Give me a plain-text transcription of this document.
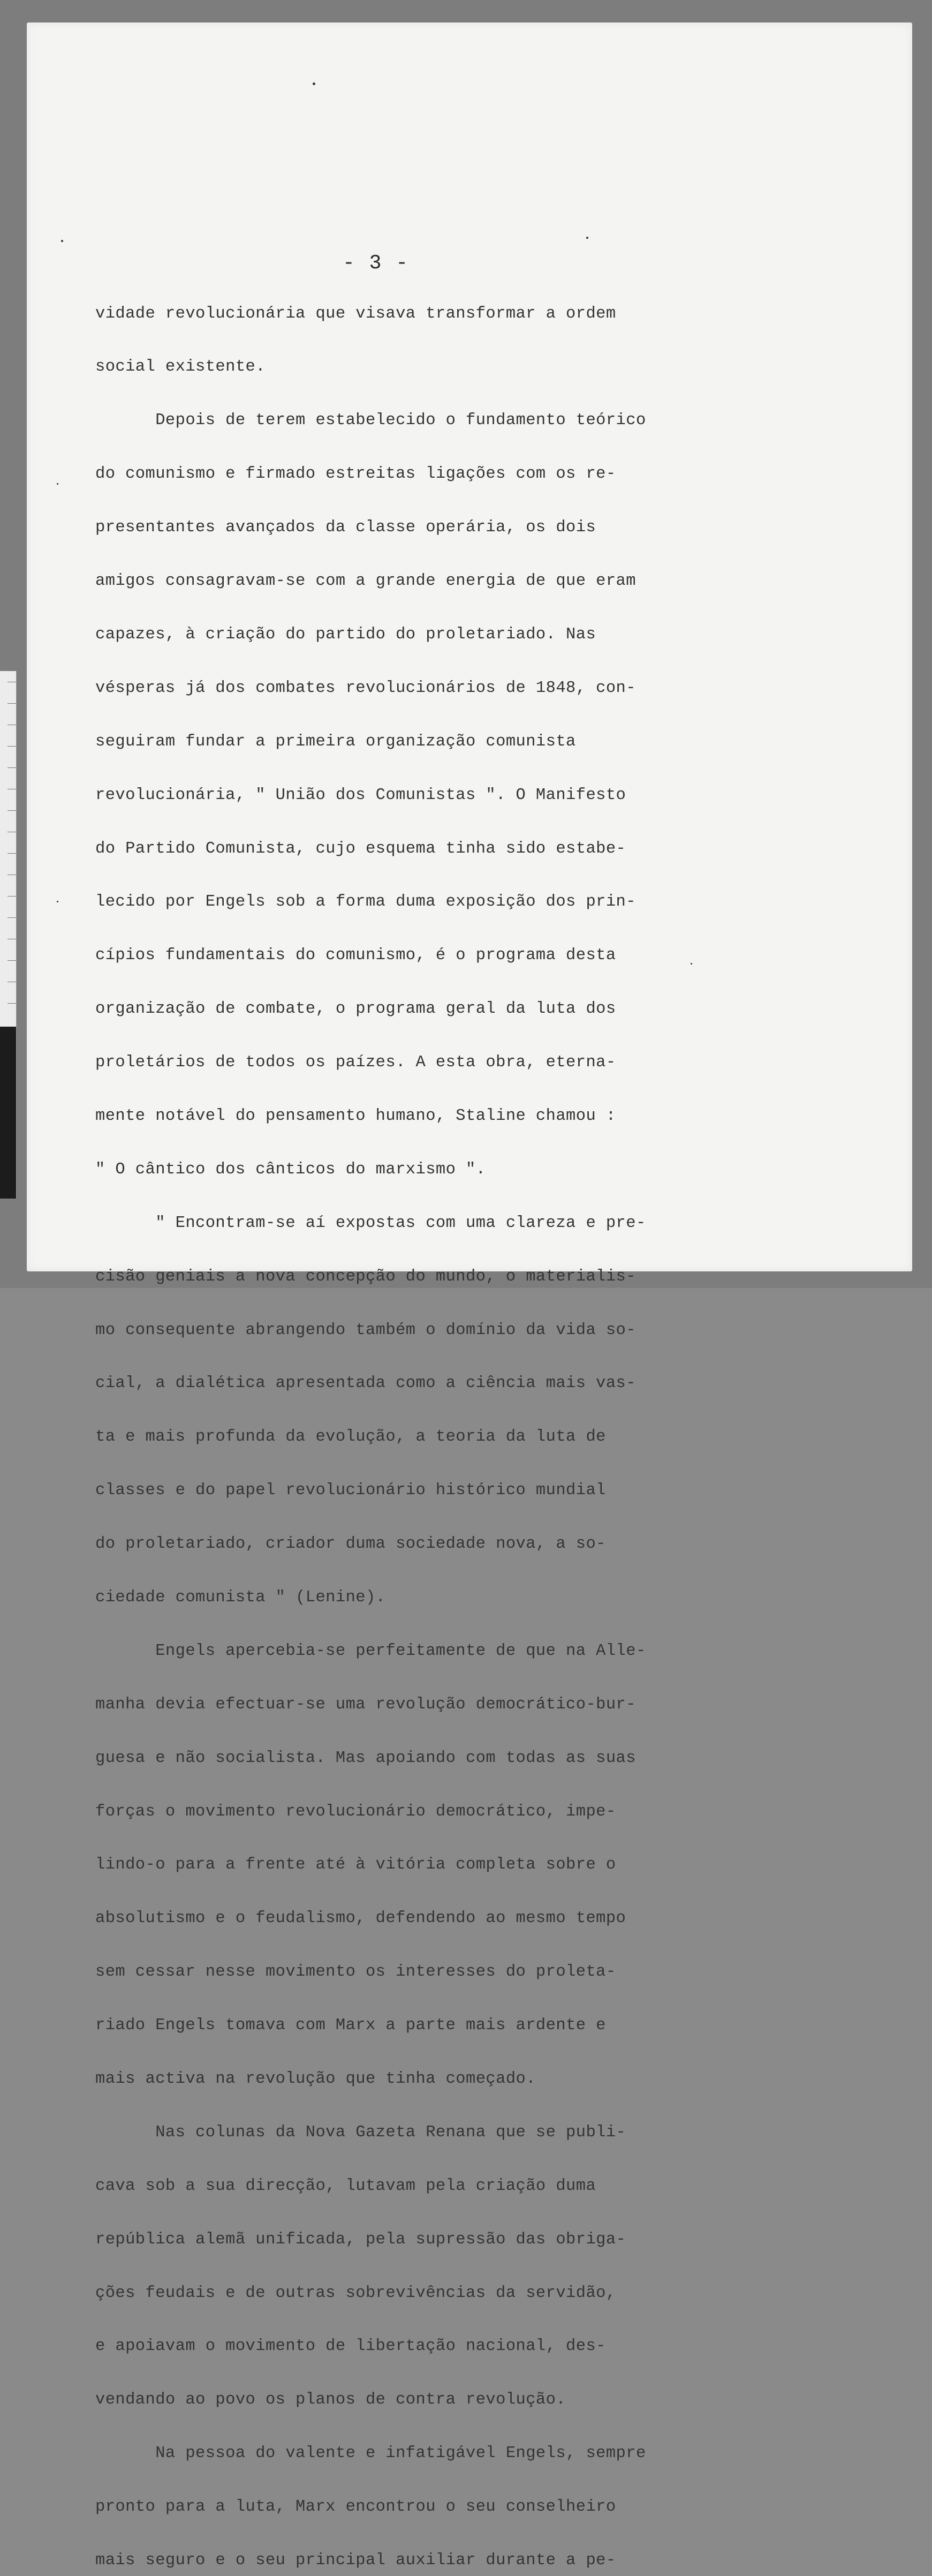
- 3 -

vidade revolucionária que visava transformar a ordem

social existente.

Depois de terem estabelecido o fundamento teórico

do comunismo e firmado estreitas ligações com os re-

presentantes avançados da classe operária, os dois

amigos consagravam-se com a grande energia de que eram

capazes, à criação do partido do proletariado. Nas

vésperas já dos combates revolucionários de 1848, con-

seguiram fundar a primeira organização comunista

revolucionária, " União dos Comunistas ". O Manifesto

do Partido Comunista, cujo esquema tinha sido estabe-

lecido por Engels sob a forma duma exposição dos prin-

cípios fundamentais do comunismo, é o programa desta

organização de combate, o programa geral da luta dos

proletários de todos os paízes. A esta obra, eterna-

mente notável do pensamento humano, Staline chamou :

" O cântico dos cânticos do marxismo ".

" Encontram-se aí expostas com uma clareza e pre-

cisão geniais a nova concepção do mundo, o materialis-

mo consequente abrangendo também o domínio da vida so-

cial, a dialética apresentada como a ciência mais vas-

ta e mais profunda da evolução, a teoria da luta de

classes e do papel revolucionário histórico mundial

do proletariado, criador duma sociedade nova, a so-

ciedade comunista " (Lenine).

Engels apercebia-se perfeitamente de que na Alle-

manha devia efectuar-se uma revolução democrático-bur-

guesa e não socialista. Mas apoiando com todas as suas

forças o movimento revolucionário democrático, impe-

lindo-o para a frente até à vitória completa sobre o

absolutismo e o feudalismo, defendendo ao mesmo tempo

sem cessar nesse movimento os interesses do proleta-

riado Engels tomava com Marx a parte mais ardente e

mais activa na revolução que tinha começado.

Nas colunas da Nova Gazeta Renana que se publi-

cava sob a sua direcção, lutavam pela criação duma

república alemã unificada, pela supressão das obriga-

ções feudais e de outras sobrevivências da servidão,

e apoiavam o movimento de libertação nacional, des-

vendando ao povo os planos de contra revolução.

Na pessoa do valente e infatigável Engels, sempre

pronto para a luta, Marx encontrou o seu conselheiro

mais seguro e o seu principal auxiliar durante a pe-
